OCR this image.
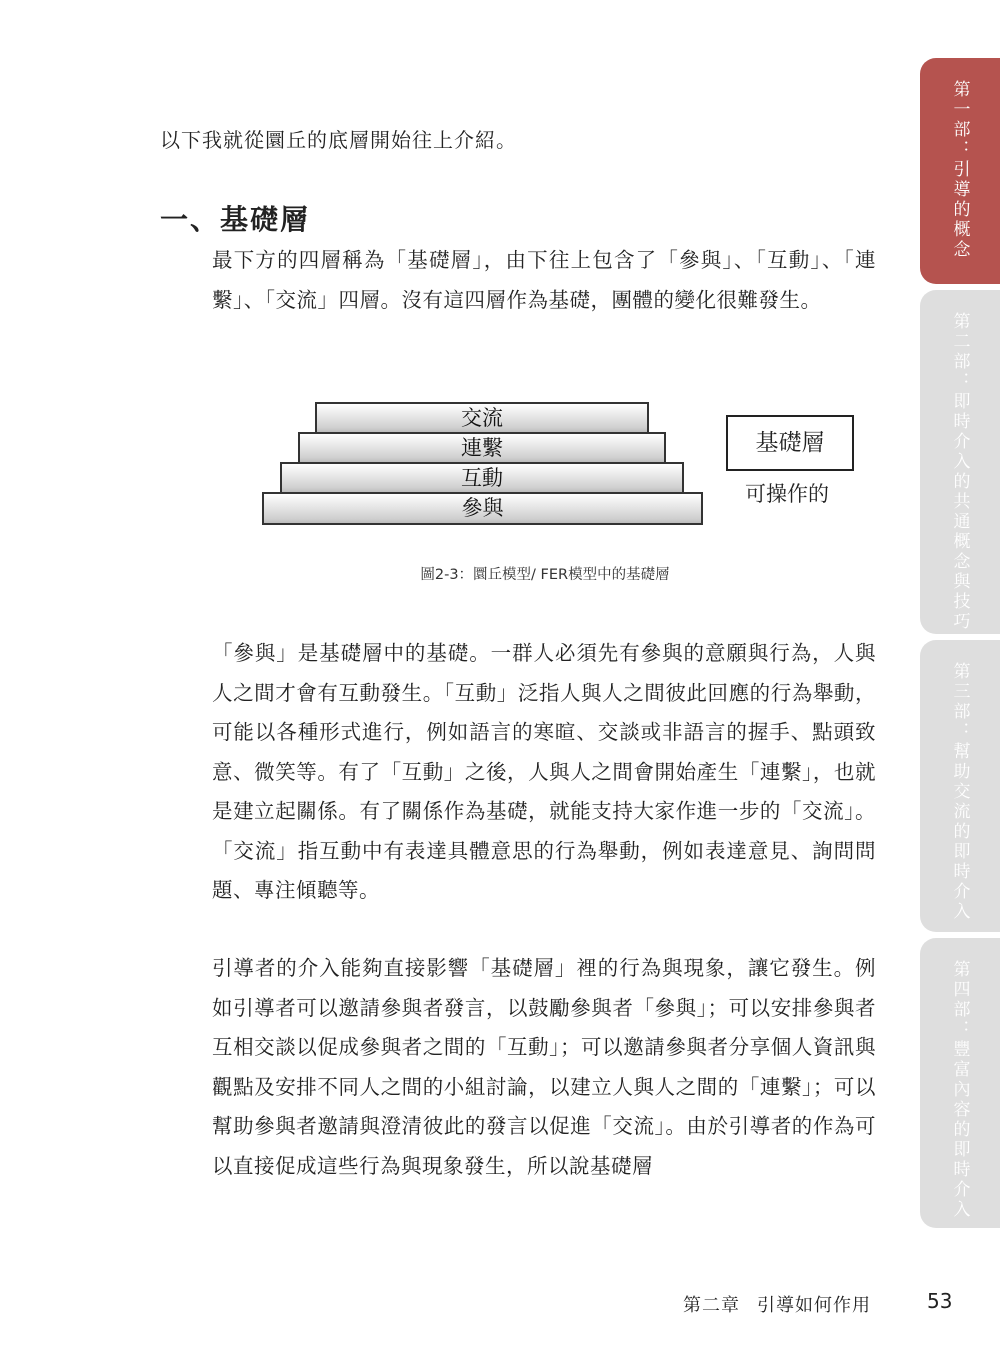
以下我就從圜丘的底層開始往上介紹。
一、基礎層
最下方的四層稱為「基礎層」，由下往上包含了「參與」、「互動」、「連繫」、「交流」四層。沒有這四層作為基礎，團體的變化很難發生。
交流
連繫
互動
參與
基礎層
可操作的
圖2-3：圜丘模型/ FER模型中的基礎層
「參與」是基礎層中的基礎。一群人必須先有參與的意願與行為，人與人之間才會有互動發生。「互動」泛指人與人之間彼此回應的行為舉動，可能以各種形式進行，例如語言的寒暄、交談或非語言的握手、點頭致意、微笑等。有了「互動」之後，人與人之間會開始產生「連繫」，也就是建立起關係。有了關係作為基礎，就能支持大家作進一步的「交流」。「交流」指互動中有表達具體意思的行為舉動，例如表達意見、詢問問題、專注傾聽等。
引導者的介入能夠直接影響「基礎層」裡的行為與現象，讓它發生。例如引導者可以邀請參與者發言，以鼓勵參與者「參與」；可以安排參與者互相交談以促成參與者之間的「互動」；可以邀請參與者分享個人資訊與觀點及安排不同人之間的小組討論，以建立人與人之間的「連繫」；可以幫助參與者邀請與澄清彼此的發言以促進「交流」。由於引導者的作為可以直接促成這些行為與現象發生，所以說基礎層
第一部：引導的概念
第二部：即時介入的共通概念與技巧
第三部：幫助交流的即時介入
第四部：豐富內容的即時介入
第二章 引導如何作用	53
